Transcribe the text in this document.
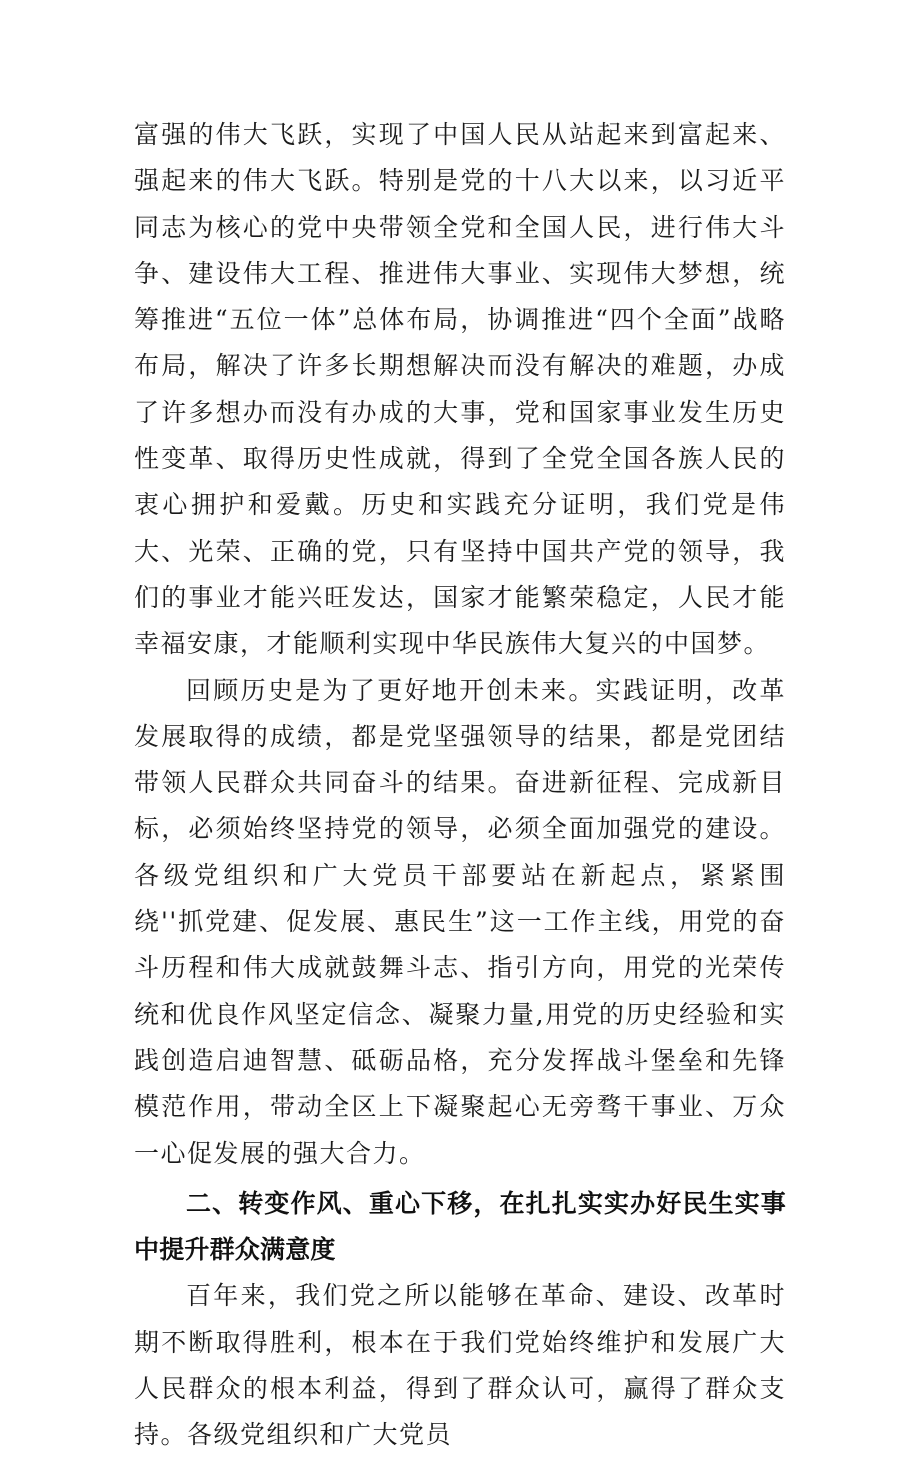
富强的伟大飞跃，实现了中国人民从站起来到富起来、强起来的伟大飞跃。特别是党的十八大以来，以习近平同志为核心的党中央带领全党和全国人民，进行伟大斗争、建设伟大工程、推进伟大事业、实现伟大梦想，统筹推进“五位一体”总体布局，协调推进“四个全面”战略布局，解决了许多长期想解决而没有解决的难题，办成了许多想办而没有办成的大事，党和国家事业发生历史性变革、取得历史性成就，得到了全党全国各族人民的衷心拥护和爱戴。历史和实践充分证明，我们党是伟大、光荣、正确的党，只有坚持中国共产党的领导，我们的事业才能兴旺发达，国家才能繁荣稳定，人民才能幸福安康，才能顺利实现中华民族伟大复兴的中国梦。

回顾历史是为了更好地开创未来。实践证明，改革发展取得的成绩，都是党坚强领导的结果，都是党团结带领人民群众共同奋斗的结果。奋进新征程、完成新目标，必须始终坚持党的领导，必须全面加强党的建设。各级党组织和广大党员干部要站在新起点，紧紧围绕''抓党建、促发展、惠民生”这一工作主线，用党的奋斗历程和伟大成就鼓舞斗志、指引方向，用党的光荣传统和优良作风坚定信念、凝聚力量,用党的历史经验和实践创造启迪智慧、砥砺品格，充分发挥战斗堡垒和先锋模范作用，带动全区上下凝聚起心无旁骛干事业、万众一心促发展的强大合力。

二、转变作风、重心下移，在扎扎实实办好民生实事中提升群众满意度

百年来，我们党之所以能够在革命、建设、改革时期不断取得胜利，根本在于我们党始终维护和发展广大人民群众的根本利益，得到了群众认可，赢得了群众支持。各级党组织和广大党员
